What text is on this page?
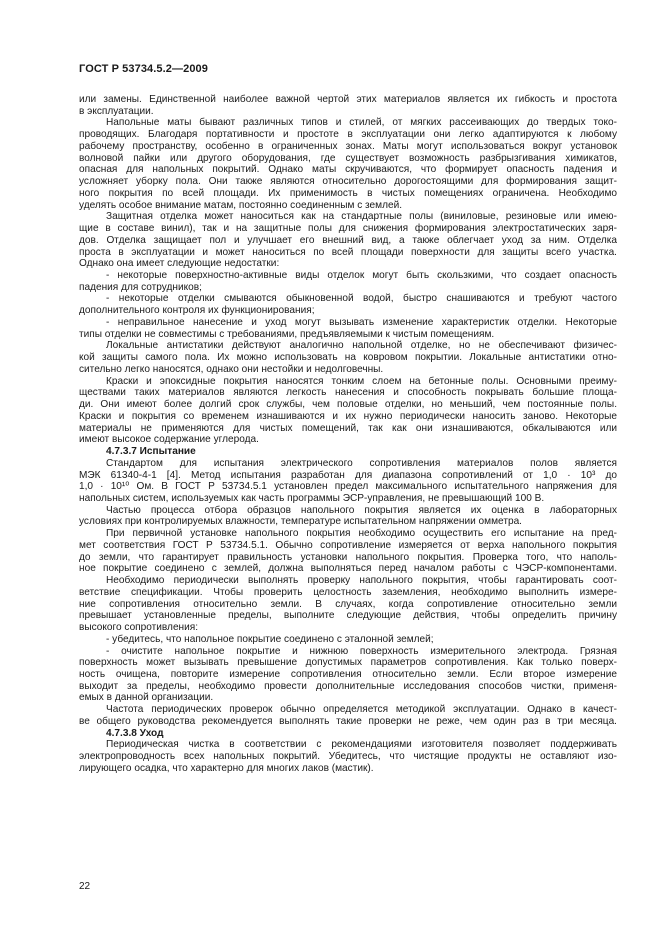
ГОСТ Р 53734.5.2—2009
или замены. Единственной наиболее важной чертой этих материалов является их гибкость и простота
в эксплуатации.
Напольные маты бывают различных типов и стилей, от мягких рассеивающих до твердых токо-
проводящих. Благодаря портативности и простоте в эксплуатации они легко адаптируются к любому
рабочему пространству, особенно в ограниченных зонах. Маты могут использоваться вокруг установок
волновой пайки или другого оборудования, где существует возможность разбрызгивания химикатов,
опасная для напольных покрытий. Однако маты скручиваются, что формирует опасность падения и
усложняет уборку пола. Они также являются относительно дорогостоящими для формирования защит-
ного покрытия по всей площади. Их применимость в чистых помещениях ограничена. Необходимо
уделять особое внимание матам, постоянно соединенным с землей.
Защитная отделка может наноситься как на стандартные полы (виниловые, резиновые или имею-
щие в составе винил), так и на защитные полы для снижения формирования электростатических заря-
дов. Отделка защищает пол и улучшает его внешний вид, а также облегчает уход за ним. Отделка
проста в эксплуатации и может наноситься по всей площади поверхности для защиты всего участка.
Однако она имеет следующие недостатки:
- некоторые поверхностно-активные виды отделок могут быть скользкими, что создает опасность
падения для сотрудников;
- некоторые отделки смываются обыкновенной водой, быстро снашиваются и требуют частого
дополнительного контроля их функционирования;
- неправильное нанесение и уход могут вызывать изменение характеристик отделки. Некоторые
типы отделки не совместимы с требованиями, предъявляемыми к чистым помещениям.
Локальные антистатики действуют аналогично напольной отделке, но не обеспечивают физичес-
кой защиты самого пола. Их можно использовать на ковровом покрытии. Локальные антистатики отно-
сительно легко наносятся, однако они нестойки и недолговечны.
Краски и эпоксидные покрытия наносятся тонким слоем на бетонные полы. Основными преиму-
ществами таких материалов являются легкость нанесения и способность покрывать большие площа-
ди. Они имеют более долгий срок службы, чем половые отделки, но меньший, чем постоянные полы.
Краски и покрытия со временем изнашиваются и их нужно периодически наносить заново. Некоторые
материалы не применяются для чистых помещений, так как они изнашиваются, обкалываются или
имеют высокое содержание углерода.
4.7.3.7 Испытание
Стандартом для испытания электрического сопротивления материалов полов является
МЭК 61340-4-1 [4]. Метод испытания разработан для диапазона сопротивлений от 1,0 · 10³ до
1,0 · 10¹⁰ Ом. В ГОСТ Р 53734.5.1 установлен предел максимального испытательного напряжения для
напольных систем, используемых как часть программы ЭСР-управления, не превышающий 100 В.
Частью процесса отбора образцов напольного покрытия является их оценка в лабораторных
условиях при контролируемых влажности, температуре испытательном напряжении омметра.
При первичной установке напольного покрытия необходимо осуществить его испытание на пред-
мет соответствия ГОСТ Р 53734.5.1. Обычно сопротивление измеряется от верха напольного покрытия
до земли, что гарантирует правильность установки напольного покрытия. Проверка того, что наполь-
ное покрытие соединено с землей, должна выполняться перед началом работы с ЧЭСР-компонентами.
Необходимо периодически выполнять проверку напольного покрытия, чтобы гарантировать соот-
ветствие спецификации. Чтобы проверить целостность заземления, необходимо выполнить измере-
ние сопротивления относительно земли. В случаях, когда сопротивление относительно земли
превышает установленные пределы, выполните следующие действия, чтобы определить причину
высокого сопротивления:
- убедитесь, что напольное покрытие соединено с эталонной землей;
- очистите напольное покрытие и нижнюю поверхность измерительного электрода. Грязная
поверхность может вызывать превышение допустимых параметров сопротивления. Как только поверх-
ность очищена, повторите измерение сопротивления относительно земли. Если второе измерение
выходит за пределы, необходимо провести дополнительные исследования способов чистки, применя-
емых в данной организации.
Частота периодических проверок обычно определяется методикой эксплуатации. Однако в качест-
ве общего руководства рекомендуется выполнять такие проверки не реже, чем один раз в три месяца.
4.7.3.8 Уход
Периодическая чистка в соответствии с рекомендациями изготовителя позволяет поддерживать
электропроводность всех напольных покрытий. Убедитесь, что чистящие продукты не оставляют изо-
лирующего осадка, что характерно для многих лаков (мастик).
22
